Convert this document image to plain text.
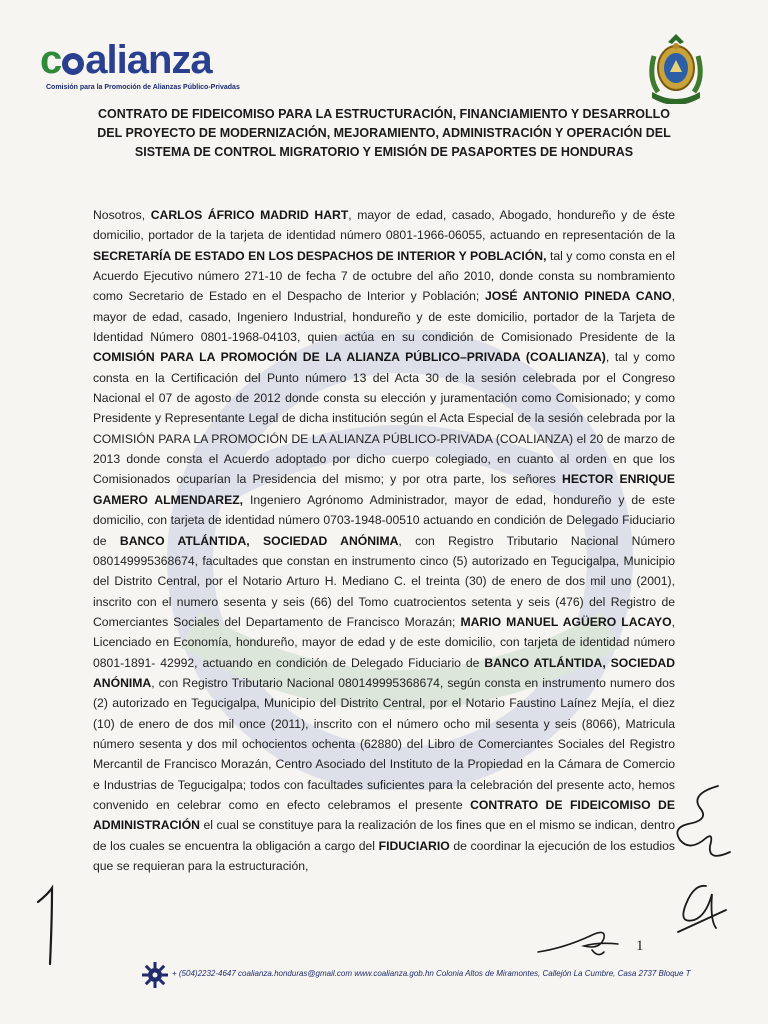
c alianza
Comisión para la Promoción de Alianzas Público-Privadas
CONTRATO DE FIDEICOMISO PARA LA ESTRUCTURACIÓN, FINANCIAMIENTO Y DESARROLLO DEL PROYECTO DE MODERNIZACIÓN, MEJORAMIENTO, ADMINISTRACIÓN Y OPERACIÓN DEL SISTEMA DE CONTROL MIGRATORIO Y EMISIÓN DE PASAPORTES DE HONDURAS
Nosotros, CARLOS ÁFRICO MADRID HART, mayor de edad, casado, Abogado, hondureño y de éste domicilio, portador de la tarjeta de identidad número 0801-1966-06055, actuando en representación de la SECRETARÍA DE ESTADO EN LOS DESPACHOS DE INTERIOR Y POBLACIÓN, tal y como consta en el Acuerdo Ejecutivo número 271-10 de fecha 7 de octubre del año 2010, donde consta su nombramiento como Secretario de Estado en el Despacho de Interior y Población; JOSÉ ANTONIO PINEDA CANO, mayor de edad, casado, Ingeniero Industrial, hondureño y de este domicilio, portador de la Tarjeta de Identidad Número 0801-1968-04103, quien actúa en su condición de Comisionado Presidente de la COMISIÓN PARA LA PROMOCIÓN DE LA ALIANZA PÚBLICO–PRIVADA (COALIANZA), tal y como consta en la Certificación del Punto número 13 del Acta 30 de la sesión celebrada por el Congreso Nacional el 07 de agosto de 2012 donde consta su elección y juramentación como Comisionado; y como Presidente y Representante Legal de dicha institución según el Acta Especial de la sesión celebrada por la COMISIÓN PARA LA PROMOCIÓN DE LA ALIANZA PÚBLICO-PRIVADA (COALIANZA) el 20 de marzo de 2013 donde consta el Acuerdo adoptado por dicho cuerpo colegiado, en cuanto al orden en que los Comisionados ocuparían la Presidencia del mismo; y por otra parte, los señores HECTOR ENRIQUE GAMERO ALMENDAREZ, Ingeniero Agrónomo Administrador, mayor de edad, hondureño y de este domicilio, con tarjeta de identidad número 0703-1948-00510 actuando en condición de Delegado Fiduciario de BANCO ATLÁNTIDA, SOCIEDAD ANÓNIMA, con Registro Tributario Nacional Número 080149995368674, facultades que constan en instrumento cinco (5) autorizado en Tegucigalpa, Municipio del Distrito Central, por el Notario Arturo H. Mediano C. el treinta (30) de enero de dos mil uno (2001), inscrito con el numero sesenta y seis (66) del Tomo cuatrocientos setenta y seis (476) del Registro de Comerciantes Sociales del Departamento de Francisco Morazán; MARIO MANUEL AGÜERO LACAYO, Licenciado en Economía, hondureño, mayor de edad y de este domicilio, con tarjeta de identidad número 0801-1891- 42992, actuando en condición de Delegado Fiduciario de BANCO ATLÁNTIDA, SOCIEDAD ANÓNIMA, con Registro Tributario Nacional 080149995368674, según consta en instrumento numero dos (2) autorizado en Tegucigalpa, Municipio del Distrito Central, por el Notario Faustino Laínez Mejía, el diez (10) de enero de dos mil once (2011), inscrito con el número ocho mil sesenta y seis (8066), Matricula número sesenta y dos mil ochocientos ochenta (62880) del Libro de Comerciantes Sociales del Registro Mercantil de Francisco Morazán, Centro Asociado del Instituto de la Propiedad en la Cámara de Comercio e Industrias de Tegucigalpa; todos con facultades suficientes para la celebración del presente acto, hemos convenido en celebrar como en efecto celebramos el presente CONTRATO DE FIDEICOMISO DE ADMINISTRACIÓN el cual se constituye para la realización de los fines que en el mismo se indican, dentro de los cuales se encuentra la obligación a cargo del FIDUCIARIO de coordinar la ejecución de los estudios que se requieran para la estructuración,
1
+ (504)2232-4647 coalianza.honduras@gmail.com www.coalianza.gob.hn Colonia Altos de Miramontes, Callejón La Cumbre, Casa 2737 Bloque T
